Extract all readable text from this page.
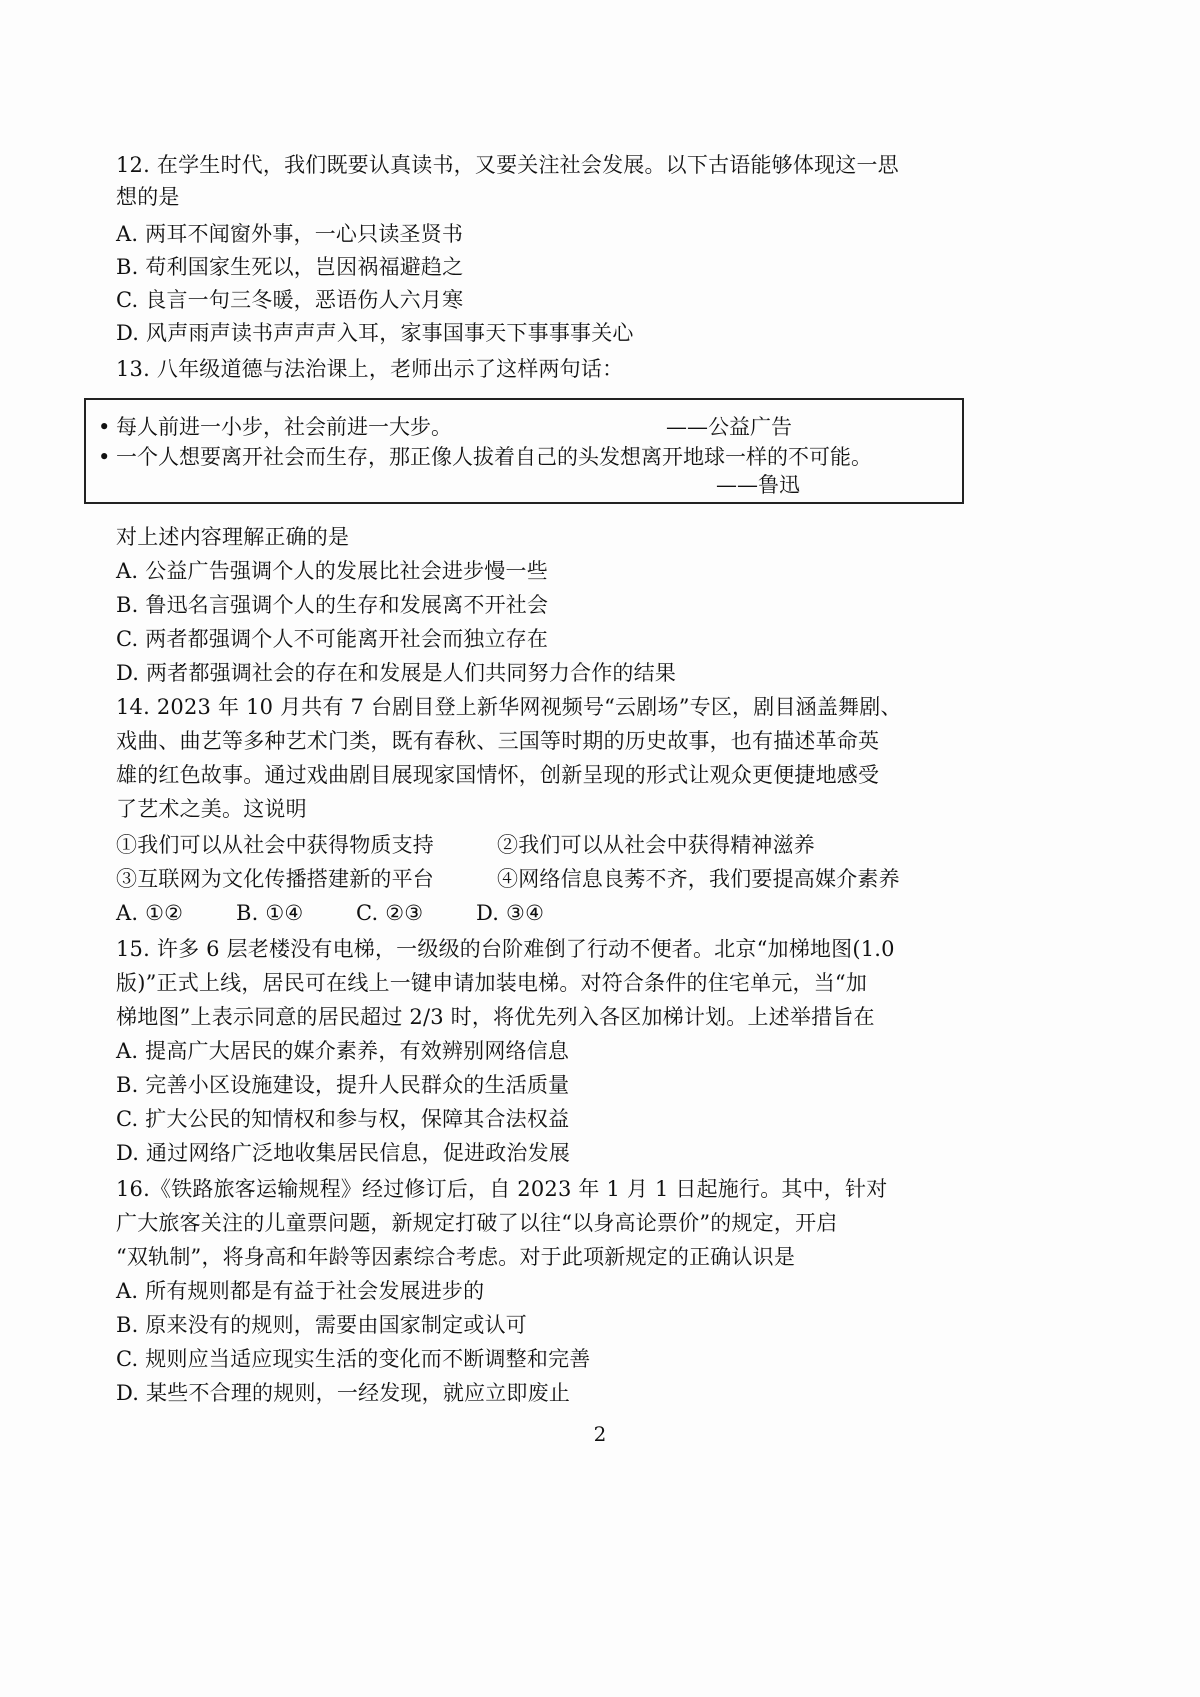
12. 在学生时代，我们既要认真读书，又要关注社会发展。以下古语能够体现这一思
想的是
A. 两耳不闻窗外事，一心只读圣贤书
B. 苟利国家生死以，岂因祸福避趋之
C. 良言一句三冬暖，恶语伤人六月寒
D. 风声雨声读书声声声入耳，家事国事天下事事事关心
13. 八年级道德与法治课上，老师出示了这样两句话：
• 每人前进一小步，社会前进一大步。	——公益广告
• 一个人想要离开社会而生存，那正像人拔着自己的头发想离开地球一样的不可能。
——鲁迅
对上述内容理解正确的是
A. 公益广告强调个人的发展比社会进步慢一些
B. 鲁迅名言强调个人的生存和发展离不开社会
C. 两者都强调个人不可能离开社会而独立存在
D. 两者都强调社会的存在和发展是人们共同努力合作的结果
14. 2023 年 10 月共有 7 台剧目登上新华网视频号“云剧场”专区，剧目涵盖舞剧、
戏曲、曲艺等多种艺术门类，既有春秋、三国等时期的历史故事，也有描述革命英
雄的红色故事。通过戏曲剧目展现家国情怀，创新呈现的形式让观众更便捷地感受
了艺术之美。这说明
①我们可以从社会中获得物质支持	②我们可以从社会中获得精神滋养
③互联网为文化传播搭建新的平台	④网络信息良莠不齐，我们要提高媒介素养
A. ①②	B. ①④	C. ②③	D. ③④
15. 许多 6 层老楼没有电梯，一级级的台阶难倒了行动不便者。北京“加梯地图(1.0
版)”正式上线，居民可在线上一键申请加装电梯。对符合条件的住宅单元，当“加
梯地图”上表示同意的居民超过 2/3 时，将优先列入各区加梯计划。上述举措旨在
A. 提高广大居民的媒介素养，有效辨别网络信息
B. 完善小区设施建设，提升人民群众的生活质量
C. 扩大公民的知情权和参与权，保障其合法权益
D. 通过网络广泛地收集居民信息，促进政治发展
16.《铁路旅客运输规程》经过修订后，自 2023 年 1 月 1 日起施行。其中，针对
广大旅客关注的儿童票问题，新规定打破了以往“以身高论票价”的规定，开启
“双轨制”，将身高和年龄等因素综合考虑。对于此项新规定的正确认识是
A. 所有规则都是有益于社会发展进步的
B. 原来没有的规则，需要由国家制定或认可
C. 规则应当适应现实生活的变化而不断调整和完善
D. 某些不合理的规则，一经发现，就应立即废止
2
